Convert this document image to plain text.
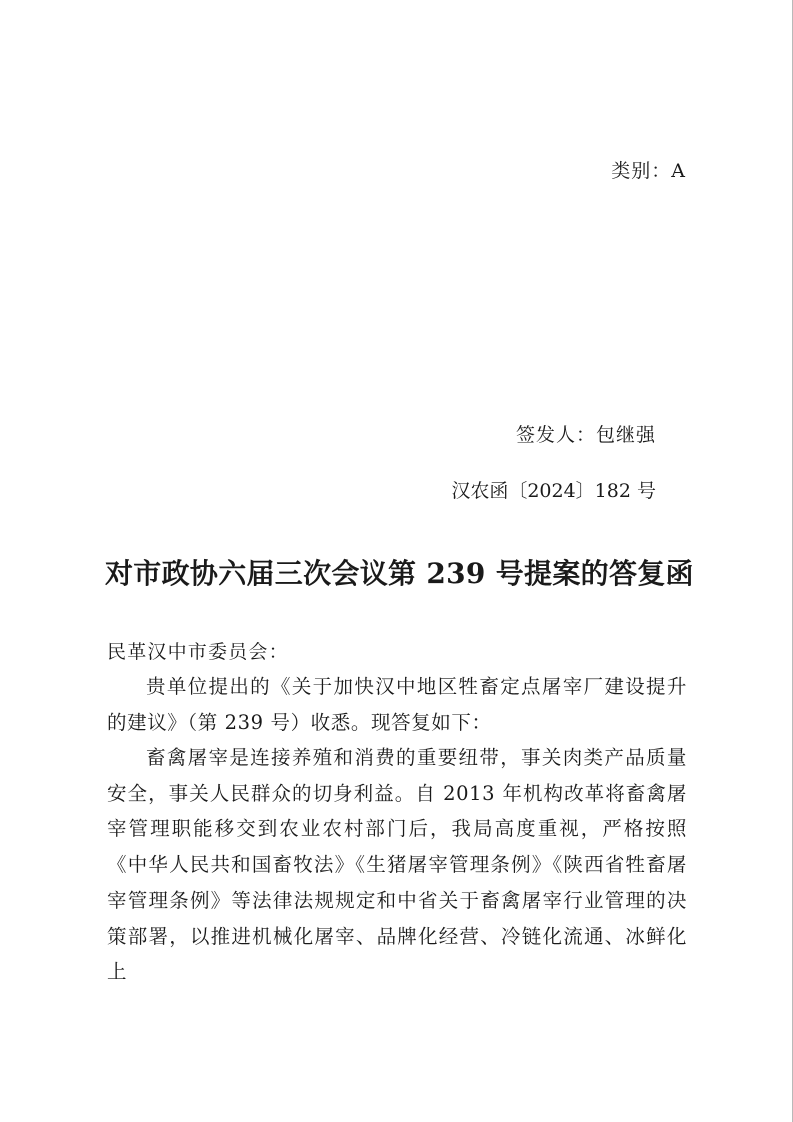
类别：A
签发人：包继强
汉农函〔2024〕182 号
对市政协六届三次会议第 239 号提案的答复函
民革汉中市委员会：

贵单位提出的《关于加快汉中地区牲畜定点屠宰厂建设提升的建议》（第 239 号）收悉。现答复如下：

畜禽屠宰是连接养殖和消费的重要纽带，事关肉类产品质量安全，事关人民群众的切身利益。自 2013 年机构改革将畜禽屠宰管理职能移交到农业农村部门后，我局高度重视，严格按照《中华人民共和国畜牧法》《生猪屠宰管理条例》《陕西省牲畜屠宰管理条例》等法律法规规定和中省关于畜禽屠宰行业管理的决策部署，以推进机械化屠宰、品牌化经营、冷链化流通、冰鲜化上
